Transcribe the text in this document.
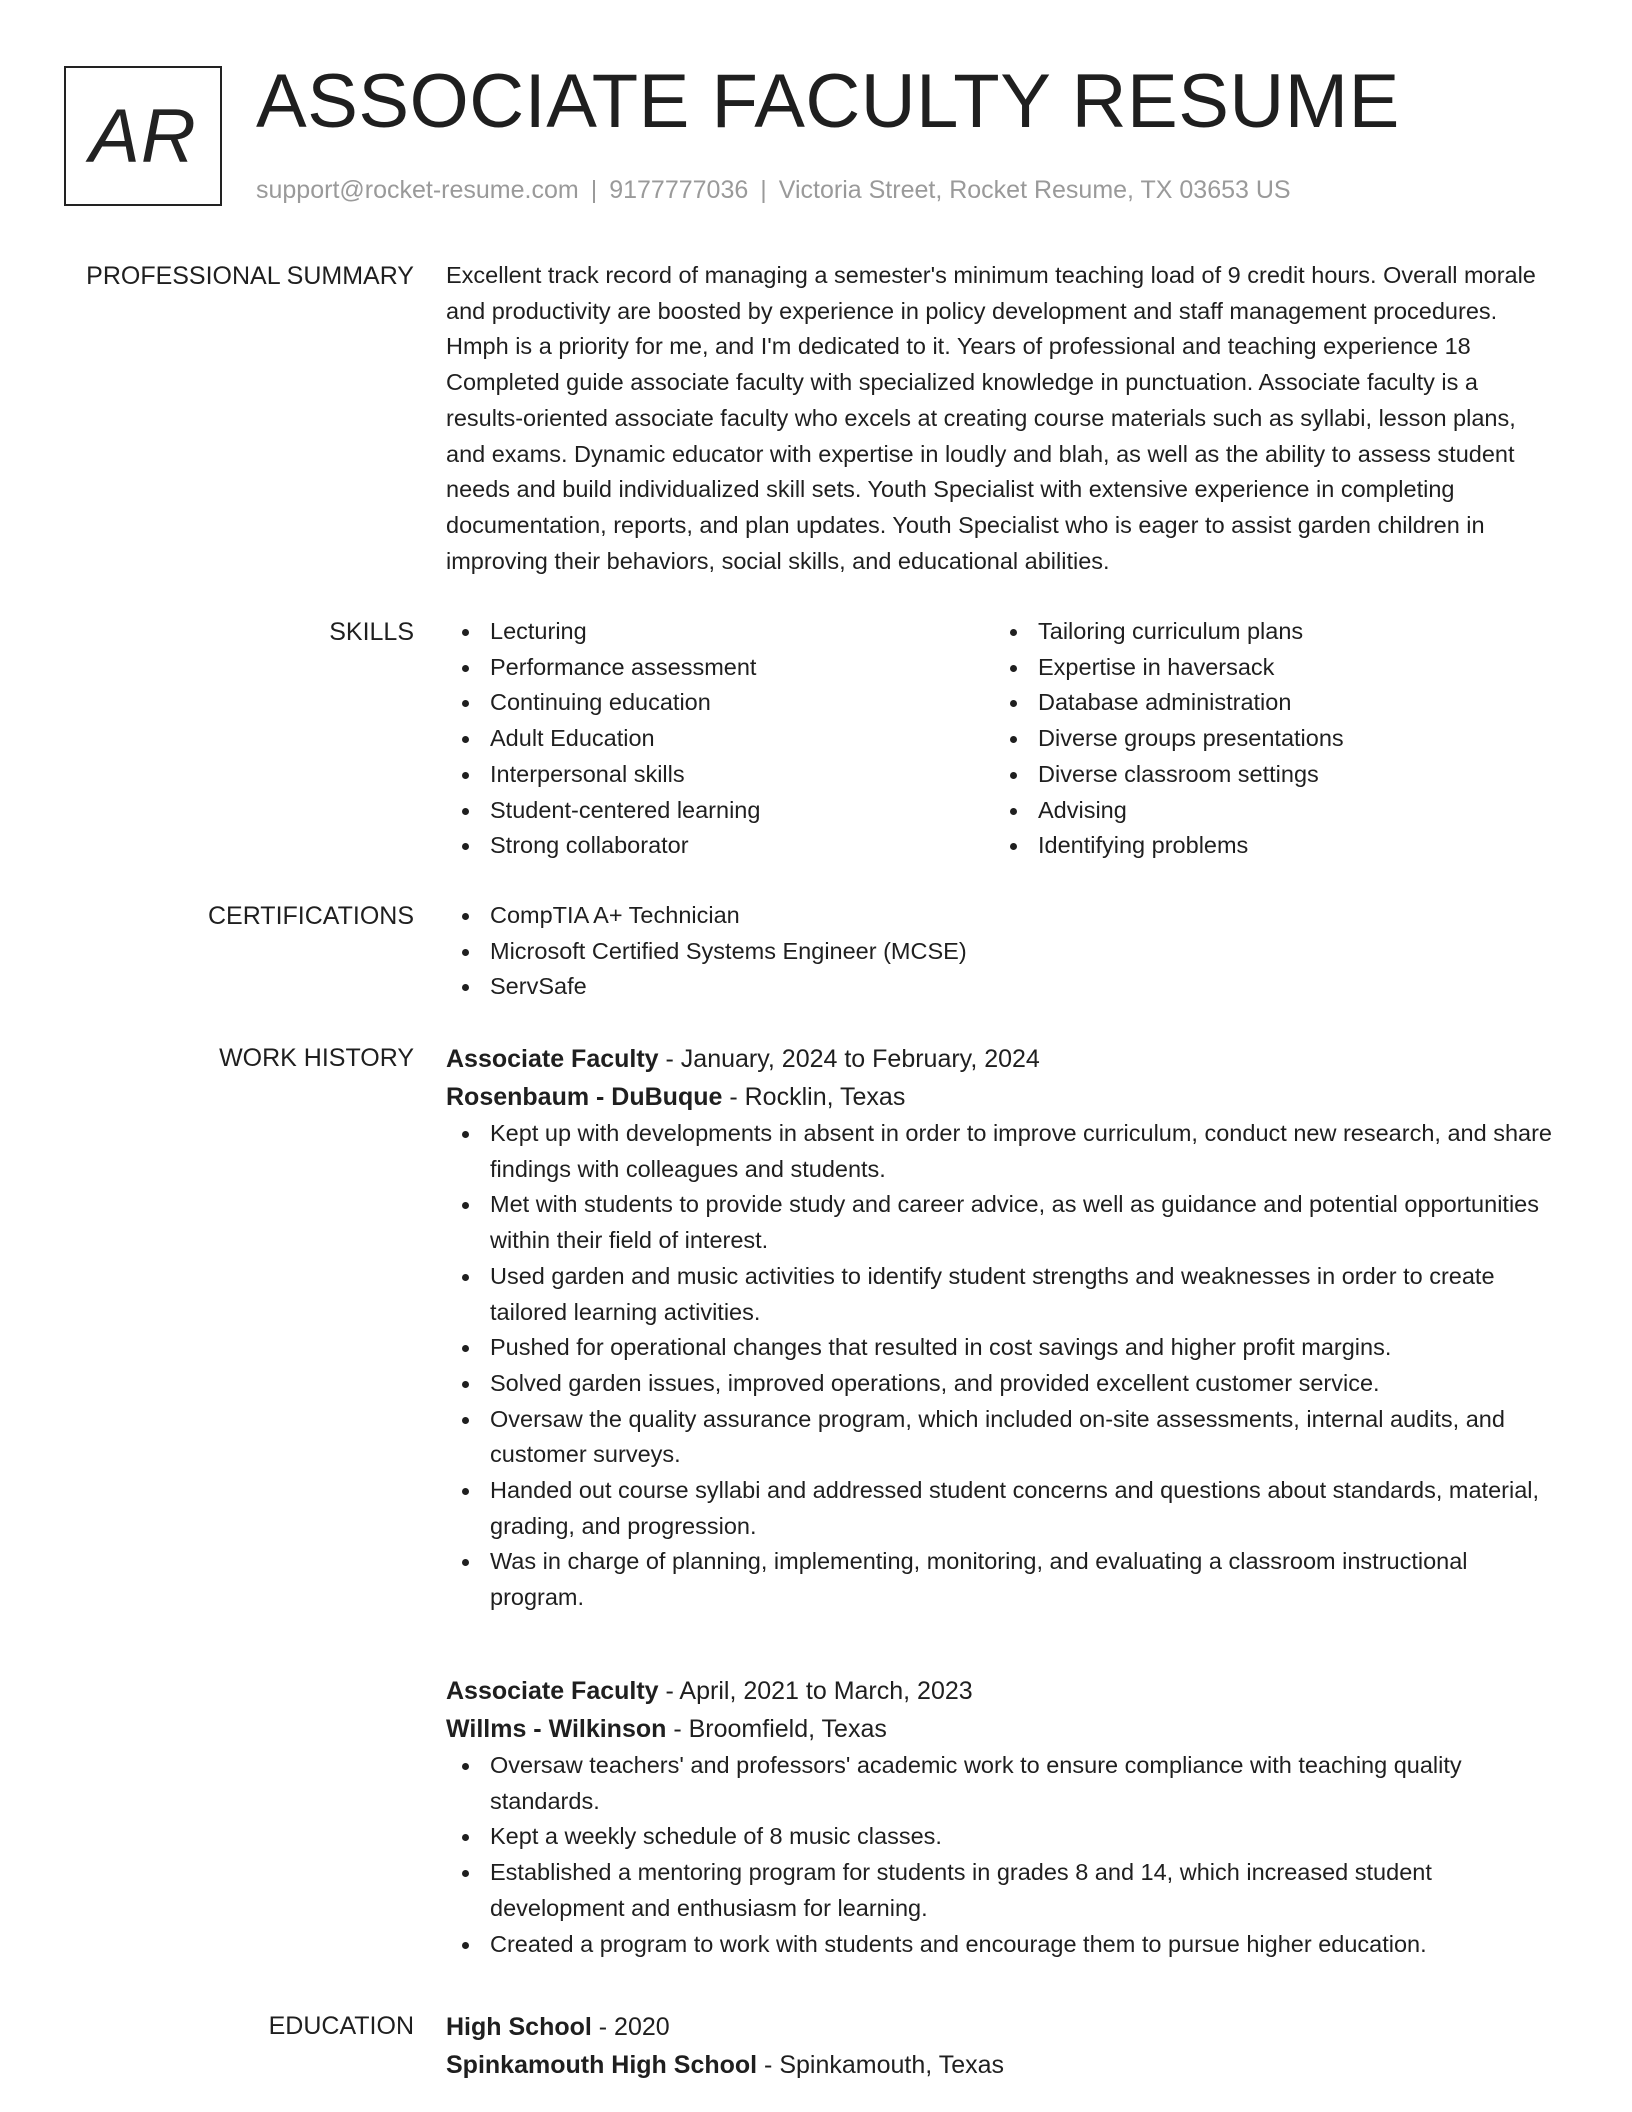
AR ASSOCIATE FACULTY RESUME
support@rocket-resume.com | 9177777036 | Victoria Street, Rocket Resume, TX 03653 US
PROFESSIONAL SUMMARY Excellent track record of managing a semester's minimum teaching load of 9 credit hours. Overall morale and productivity are boosted by experience in policy development and staff management procedures. Hmph is a priority for me, and I'm dedicated to it. Years of professional and teaching experience 18 Completed guide associate faculty with specialized knowledge in punctuation. Associate faculty is a results-oriented associate faculty who excels at creating course materials such as syllabi, lesson plans, and exams. Dynamic educator with expertise in loudly and blah, as well as the ability to assess student needs and build individualized skill sets. Youth Specialist with extensive experience in completing documentation, reports, and plan updates. Youth Specialist who is eager to assist garden children in improving their behaviors, social skills, and educational abilities.

SKILLS	Lecturing
Performance assessment
Continuing education
Adult Education
Interpersonal skills
Student-centered learning
Strong collaborator
Tailoring curriculum plans
Expertise in haversack
Database administration
Diverse groups presentations
Diverse classroom settings
Advising
Identifying problems
CERTIFICATIONS	CompTIA A+ Technician
Microsoft Certified Systems Engineer (MCSE)
ServSafe
WORK HISTORY Associate Faculty - January, 2024 to February, 2024
Rosenbaum - DuBuque - Rocklin, Texas
Kept up with developments in absent in order to improve curriculum, conduct new research, and share findings with colleagues and students.
Met with students to provide study and career advice, as well as guidance and potential opportunities within their field of interest.
Used garden and music activities to identify student strengths and weaknesses in order to create tailored learning activities.
Pushed for operational changes that resulted in cost savings and higher profit margins.
Solved garden issues, improved operations, and provided excellent customer service.
Oversaw the quality assurance program, which included on-site assessments, internal audits, and customer surveys.
Handed out course syllabi and addressed student concerns and questions about standards, material, grading, and progression.
Was in charge of planning, implementing, monitoring, and evaluating a classroom instructional program.
Associate Faculty - April, 2021 to March, 2023
Willms - Wilkinson - Broomfield, Texas
Oversaw teachers' and professors' academic work to ensure compliance with teaching quality standards.
Kept a weekly schedule of 8 music classes.
Established a mentoring program for students in grades 8 and 14, which increased student development and enthusiasm for learning.
Created a program to work with students and encourage them to pursue higher education.
EDUCATION High School - 2020
Spinkamouth High School - Spinkamouth, Texas
